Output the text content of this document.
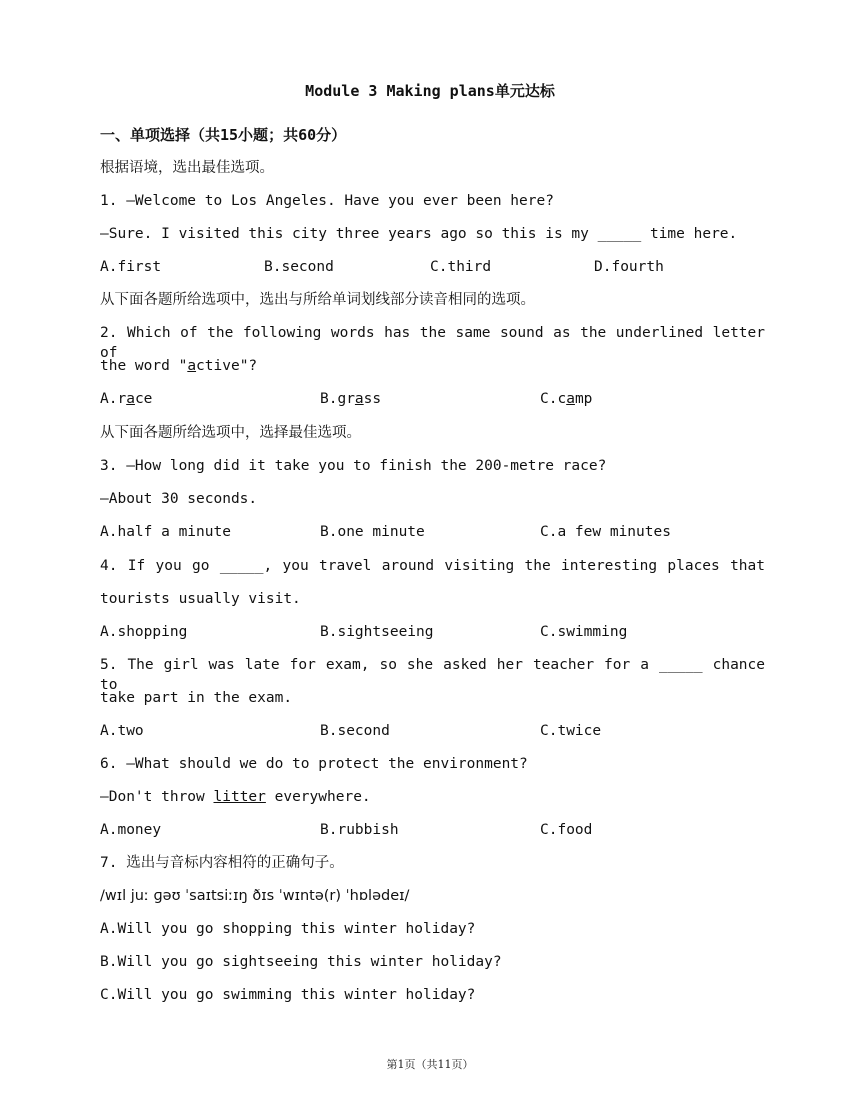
Module 3 Making plans单元达标
一、单项选择（共15小题；共60分）
根据语境，选出最佳选项。
1. —Welcome to Los Angeles. Have you ever been here?
—Sure. I visited this city three years ago so this is my _____ time here.
A.first	B.second	C.third	D.fourth
从下面各题所给选项中，选出与所给单词划线部分读音相同的选项。
2. Which of the following words has the same sound as the underlined letter of
the word "active"?
A.race	B.grass	C.camp
从下面各题所给选项中，选择最佳选项。
3. —How long did it take you to finish the 200-metre race?
—About 30 seconds.
A.half a minute	B.one minute	C.a few minutes
4. If you go _____, you travel around visiting the interesting places that
tourists usually visit.
A.shopping	B.sightseeing	C.swimming
5. The girl was late for exam, so she asked her teacher for a _____ chance to
take part in the exam.
A.two	B.second	C.twice
6. —What should we do to protect the environment?
—Don't throw litter everywhere.
A.money	B.rubbish	C.food
7. 选出与音标内容相符的正确句子。
/wɪl juː ɡəʊ ˈsaɪtsiːɪŋ ðɪs ˈwɪntə(r) ˈhɒlədeɪ/
A.Will you go shopping this winter holiday?
B.Will you go sightseeing this winter holiday?
C.Will you go swimming this winter holiday?
第1页（共11页）
